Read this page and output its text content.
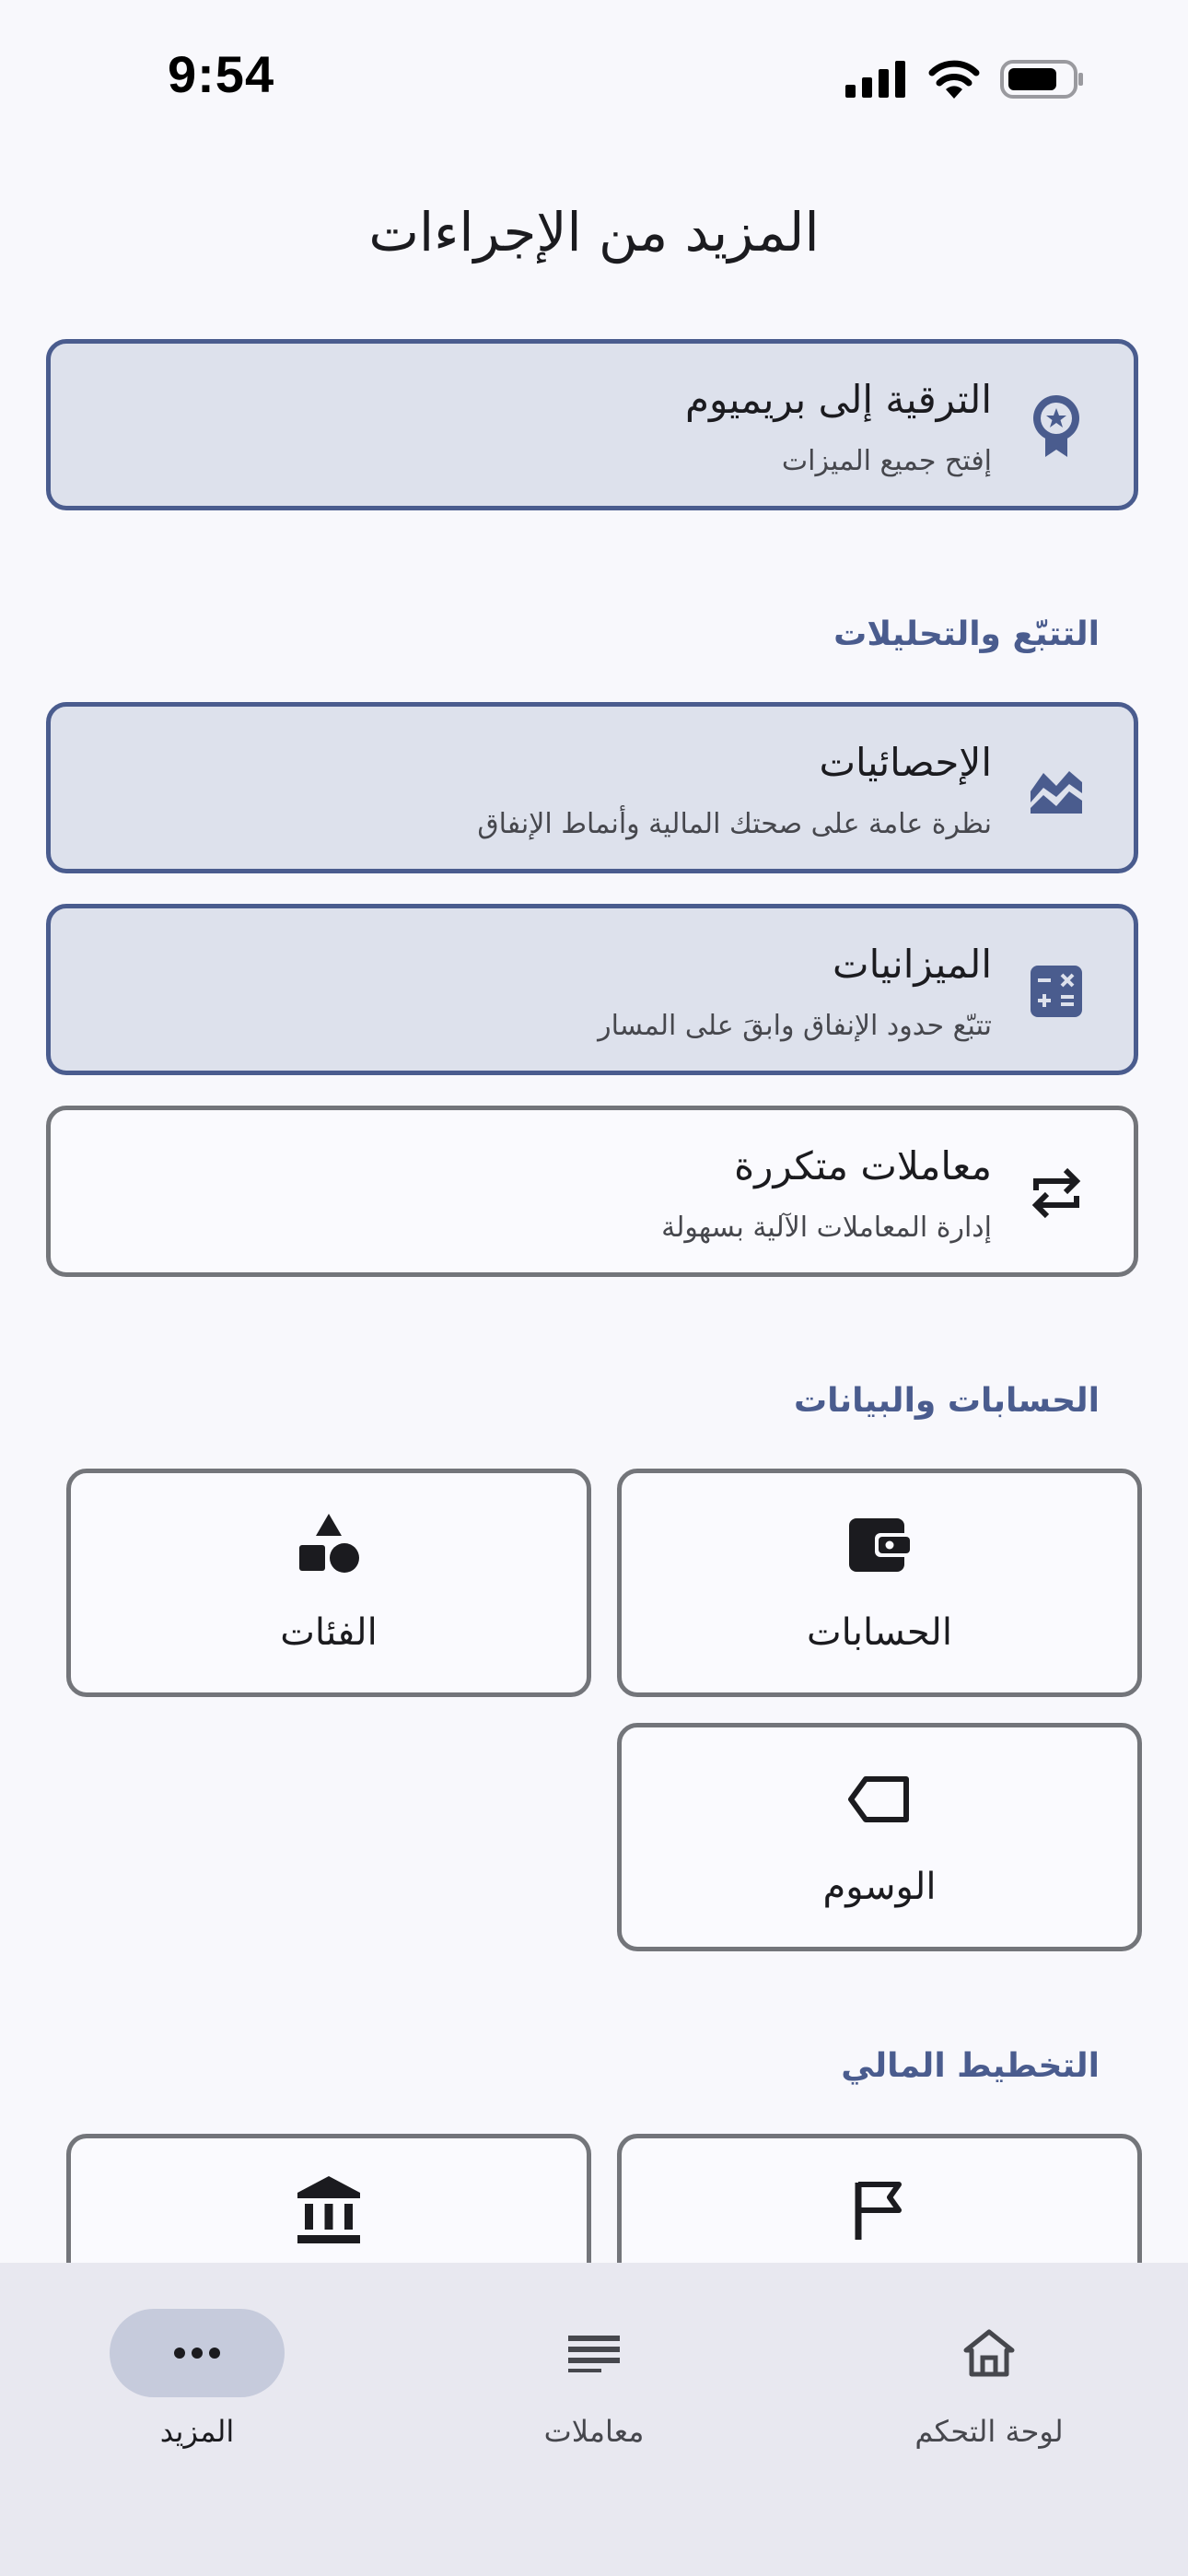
9:54
المزيد من الإجراءات
الترقية إلى بريميوم
إفتح جميع الميزات
التتبّع والتحليلات
الإحصائيات
نظرة عامة على صحتك المالية وأنماط الإنفاق
الميزانيات
تتبّع حدود الإنفاق وابقَ على المسار
معاملات متكررة
إدارة المعاملات الآلية بسهولة
الحسابات والبيانات
الحسابات
الفئات
الوسوم
التخطيط المالي
لوحة التحكم
معاملات
المزيد
